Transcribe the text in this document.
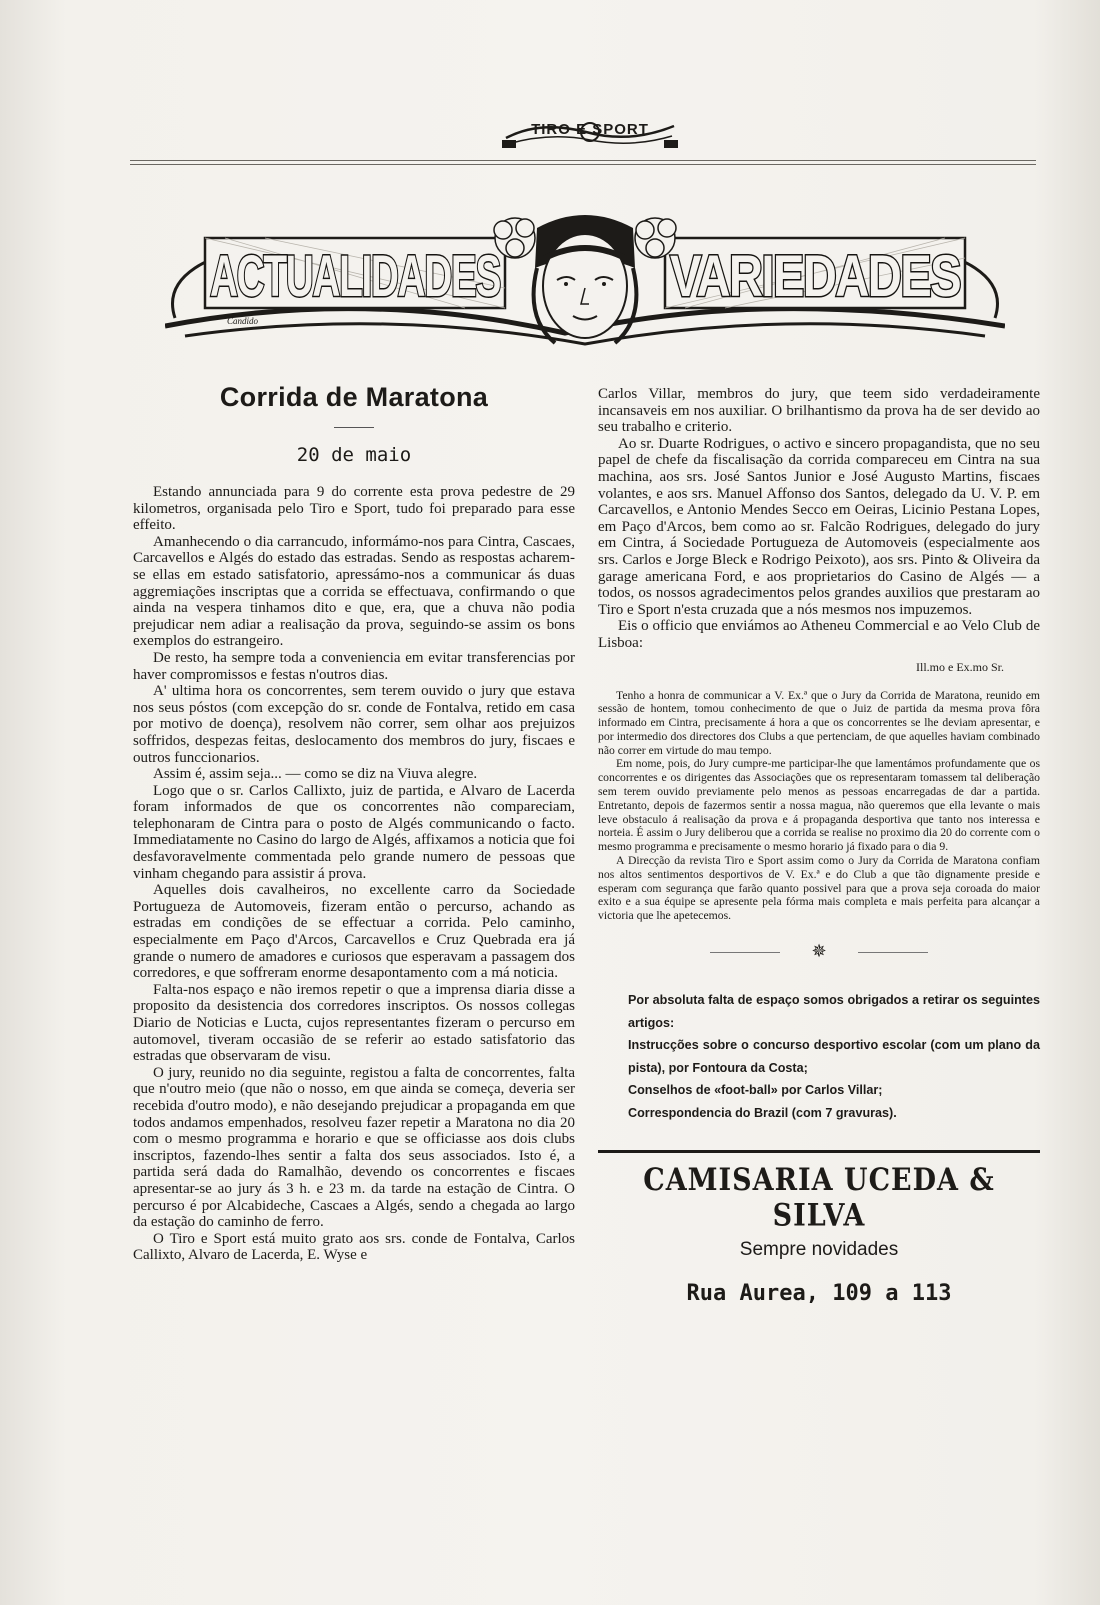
TIRO E SPORT
ACTUALIDADES	VARIEDADES
Candido
Corrida de Maratona
20 de maio

Estando annunciada para 9 do corrente esta prova pedestre de 29 kilometros, organisada pelo Tiro e Sport, tudo foi preparado para esse effeito.

Amanhecendo o dia carrancudo, informámo-nos para Cintra, Cascaes, Carcavellos e Algés do estado das estradas. Sendo as respostas acharem-se ellas em estado satisfatorio, apressámo-nos a communicar ás duas aggremiações inscriptas que a corrida se effectuava, confirmando o que ainda na vespera tinhamos dito e que, era, que a chuva não podia prejudicar nem adiar a realisação da prova, seguindo-se assim os bons exemplos do estrangeiro.

De resto, ha sempre toda a conveniencia em evitar transferencias por haver compromissos e festas n'outros dias.

A' ultima hora os concorrentes, sem terem ouvido o jury que estava nos seus póstos (com excepção do sr. conde de Fontalva, retido em casa por motivo de doença), resolvem não correr, sem olhar aos prejuizos soffridos, despezas feitas, deslocamento dos membros do jury, fiscaes e outros funccionarios.

Assim é, assim seja... — como se diz na Viuva alegre.

Logo que o sr. Carlos Callixto, juiz de partida, e Alvaro de Lacerda foram informados de que os concorrentes não compareciam, telephonaram de Cintra para o posto de Algés communicando o facto. Immediatamente no Casino do largo de Algés, affixamos a noticia que foi desfavoravelmente commentada pelo grande numero de pessoas que vinham chegando para assistir á prova.

Aquelles dois cavalheiros, no excellente carro da Sociedade Portugueza de Automoveis, fizeram então o percurso, achando as estradas em condições de se effectuar a corrida. Pelo caminho, especialmente em Paço d'Arcos, Carcavellos e Cruz Quebrada era já grande o numero de amadores e curiosos que esperavam a passagem dos corredores, e que soffreram enorme desapontamento com a má noticia.

Falta-nos espaço e não iremos repetir o que a imprensa diaria disse a proposito da desistencia dos corredores inscriptos. Os nossos collegas Diario de Noticias e Lucta, cujos representantes fizeram o percurso em automovel, tiveram occasião de se referir ao estado satisfatorio das estradas que observaram de visu.

O jury, reunido no dia seguinte, registou a falta de concorrentes, falta que n'outro meio (que não o nosso, em que ainda se começa, deveria ser recebida d'outro modo), e não desejando prejudicar a propaganda em que todos andamos empenhados, resolveu fazer repetir a Maratona no dia 20 com o mesmo programma e horario e que se officiasse aos dois clubs inscriptos, fazendo-lhes sentir a falta dos seus associados. Isto é, a partida será dada do Ramalhão, devendo os concorrentes e fiscaes apresentar-se ao jury ás 3 h. e 23 m. da tarde na estação de Cintra. O percurso é por Alcabideche, Cascaes a Algés, sendo a chegada ao largo da estação do caminho de ferro.

O Tiro e Sport está muito grato aos srs. conde de Fontalva, Carlos Callixto, Alvaro de Lacerda, E. Wyse e

Carlos Villar, membros do jury, que teem sido verdadeiramente incansaveis em nos auxiliar. O brilhantismo da prova ha de ser devido ao seu trabalho e criterio.

Ao sr. Duarte Rodrigues, o activo e sincero propagandista, que no seu papel de chefe da fiscalisação da corrida compareceu em Cintra na sua machina, aos srs. José Santos Junior e José Augusto Martins, fiscaes volantes, e aos srs. Manuel Affonso dos Santos, delegado da U. V. P. em Carcavellos, e Antonio Mendes Secco em Oeiras, Licinio Pestana Lopes, em Paço d'Arcos, bem como ao sr. Falcão Rodrigues, delegado do jury em Cintra, á Sociedade Portugueza de Automoveis (especialmente aos srs. Carlos e Jorge Bleck e Rodrigo Peixoto), aos srs. Pinto & Oliveira da garage americana Ford, e aos proprietarios do Casino de Algés — a todos, os nossos agradecimentos pelos grandes auxilios que prestaram ao Tiro e Sport n'esta cruzada que a nós mesmos nos impuzemos.

Eis o officio que enviámos ao Atheneu Commercial e ao Velo Club de Lisboa:

Ill.mo e Ex.mo Sr.

Tenho a honra de communicar a V. Ex.ª que o Jury da Corrida de Maratona, reunido em sessão de hontem, tomou conhecimento de que o Juiz de partida da mesma prova fôra informado em Cintra, precisamente á hora a que os concorrentes se lhe deviam apresentar, e por intermedio dos directores dos Clubs a que pertenciam, de que aquelles haviam combinado não correr em virtude do mau tempo.

Em nome, pois, do Jury cumpre-me participar-lhe que lamentámos profundamente que os concorrentes e os dirigentes das Associações que os representaram tomassem tal deliberação sem terem ouvido previamente pelo menos as pessoas encarregadas de dar a partida. Entretanto, depois de fazermos sentir a nossa magua, não queremos que ella levante o mais leve obstaculo á realisação da prova e á propaganda desportiva que tanto nos interessa e norteia. É assim o Jury deliberou que a corrida se realise no proximo dia 20 do corrente com o mesmo programma e precisamente o mesmo horario já fixado para o dia 9.

A Direcção da revista Tiro e Sport assim como o Jury da Corrida de Maratona confiam nos altos sentimentos desportivos de V. Ex.ª e do Club a que tão dignamente preside e esperam com segurança que farão quanto possivel para que a prova seja coroada do maior exito e a sua équipe se apresente pela fórma mais completa e mais perfeita para alcançar a victoria que lhe apetecemos.

✵

Por absoluta falta de espaço somos obrigados a retirar os seguintes artigos:

Instrucções sobre o concurso desportivo escolar (com um plano da pista), por Fontoura da Costa;

Conselhos de «foot-ball» por Carlos Villar;

Correspondencia do Brazil (com 7 gravuras).

CAMISARIA UCEDA & SILVA
Sempre novidades
Rua Aurea, 109 a 113
